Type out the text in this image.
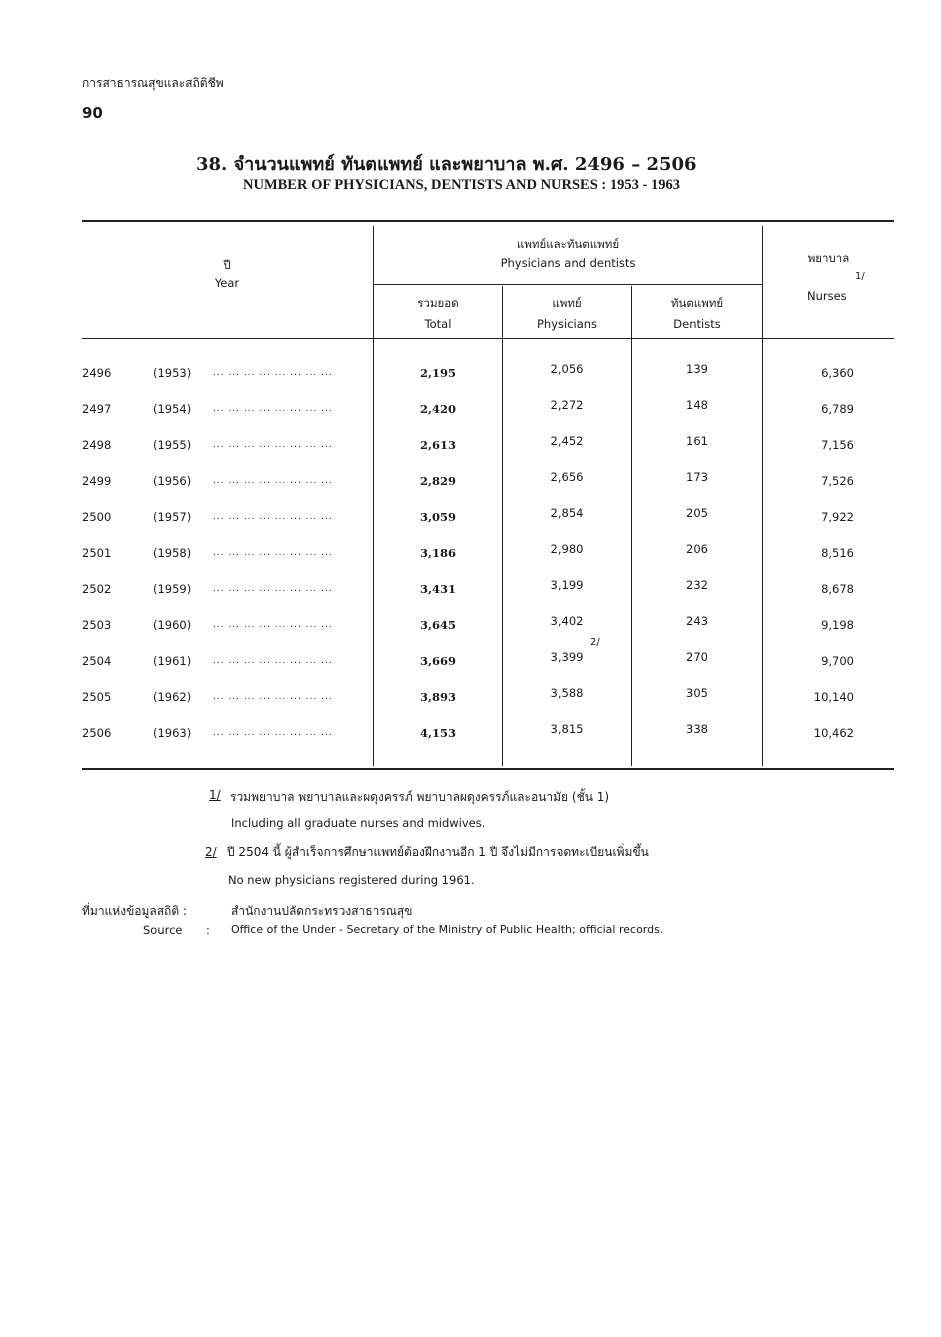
การสาธารณสุขและสถิติชีพ
90
38. จำนวนแพทย์ ทันตแพทย์ และพยาบาล พ.ศ. 2496 – 2506
NUMBER OF PHYSICIANS, DENTISTS AND NURSES : 1953 - 1963
ปี
Year
แพทย์และทันตแพทย์
Physicians and dentists
รวมยอด
Total
แพทย์
Physicians
ทันตแพทย์
Dentists
พยาบาล
Nurses
1/
2496	(1953) ... ... ... ... ... ... ... ...	2,195	2,056	139	6,360
2497	(1954) ... ... ... ... ... ... ... ...	2,420	2,272	148	6,789
2498	(1955) ... ... ... ... ... ... ... ...	2,613	2,452	161	7,156
2499	(1956) ... ... ... ... ... ... ... ...	2,829	2,656	173	7,526
2500	(1957) ... ... ... ... ... ... ... ...	3,059	2,854	205	7,922
2501	(1958) ... ... ... ... ... ... ... ...	3,186	2,980	206	8,516
2502	(1959) ... ... ... ... ... ... ... ...	3,431	3,199	232	8,678
2503	(1960) ... ... ... ... ... ... ... ...	3,645	3,402	243	9,198
2504	(1961) ... ... ... ... ... ... ... ...	3,669	3,399	270	9,700
2/
2505	(1962) ... ... ... ... ... ... ... ...	3,893	3,588	305	10,140
2506	(1963) ... ... ... ... ... ... ... ...	4,153	3,815	338	10,462
1/ รวมพยาบาล พยาบาลและผดุงครรภ์ พยาบาลผดุงครรภ์และอนามัย (ชั้น 1)
Including all graduate nurses and midwives.
2/ ปี 2504 นี้ ผู้สำเร็จการศึกษาแพทย์ต้องฝึกงานอีก 1 ปี จึงไม่มีการจดทะเบียนเพิ่มขึ้น
No new physicians registered during 1961.
ที่มาแห่งข้อมูลสถิติ :	สำนักงานปลัดกระทรวงสาธารณสุข
Source : Office of the Under - Secretary of the Ministry of Public Health; official records.
